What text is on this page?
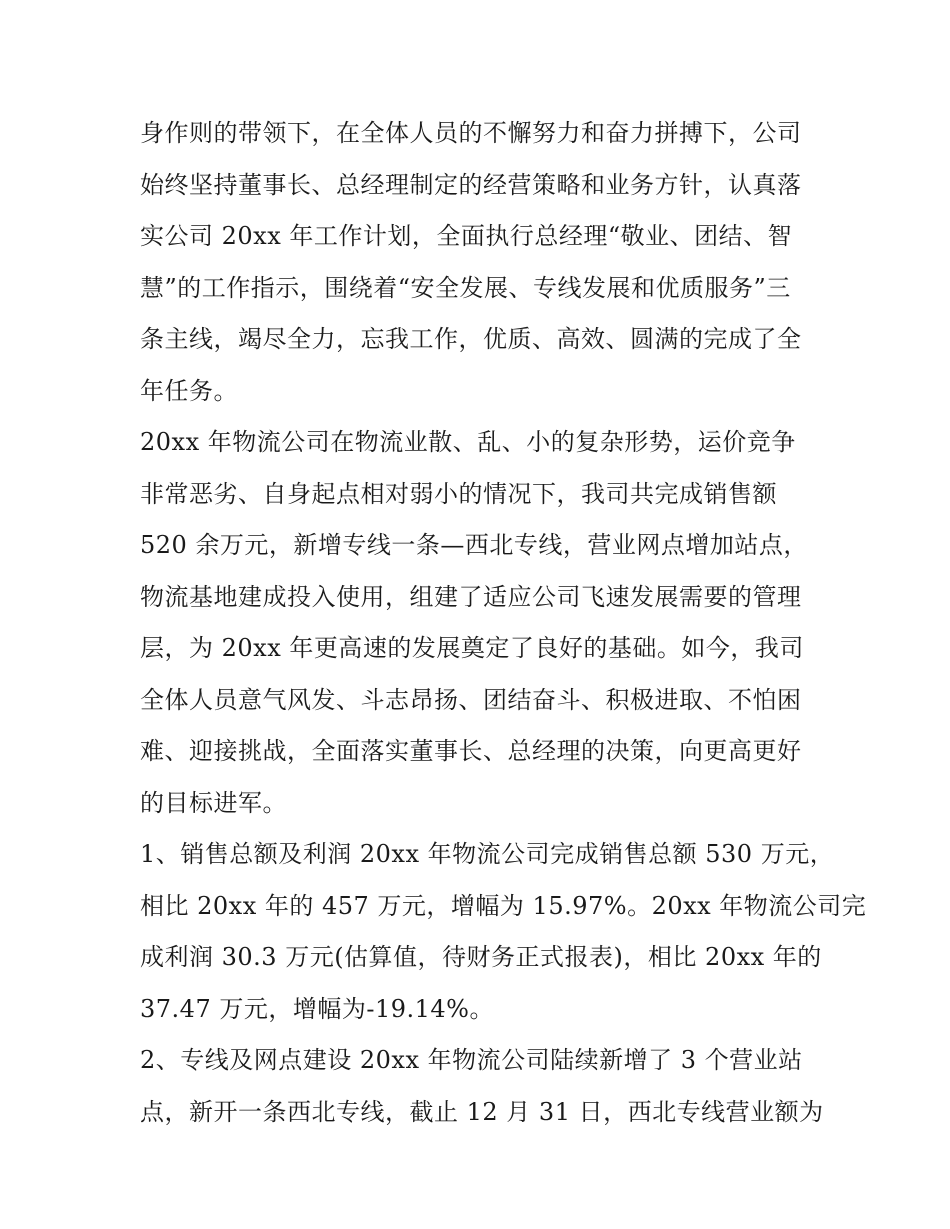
身作则的带领下，在全体人员的不懈努力和奋力拼搏下，公司
始终坚持董事长、总经理制定的经营策略和业务方针，认真落
实公司 20xx 年工作计划，全面执行总经理“敬业、团结、智
慧”的工作指示，围绕着“安全发展、专线发展和优质服务”三
条主线，竭尽全力，忘我工作，优质、高效、圆满的完成了全
年任务。
20xx 年物流公司在物流业散、乱、小的复杂形势，运价竞争
非常恶劣、自身起点相对弱小的情况下，我司共完成销售额
520 余万元，新增专线一条—西北专线，营业网点增加站点，
物流基地建成投入使用，组建了适应公司飞速发展需要的管理
层，为 20xx 年更高速的发展奠定了良好的基础。如今，我司
全体人员意气风发、斗志昂扬、团结奋斗、积极进取、不怕困
难、迎接挑战，全面落实董事长、总经理的决策，向更高更好
的目标进军。
1、销售总额及利润 20xx 年物流公司完成销售总额 530 万元，
相比 20xx 年的 457 万元，增幅为 15.97%。20xx 年物流公司完
成利润 30.3 万元(估算值，待财务正式报表)，相比 20xx 年的
37.47 万元，增幅为-19.14%。
2、专线及网点建设 20xx 年物流公司陆续新增了 3 个营业站
点，新开一条西北专线，截止 12 月 31 日，西北专线营业额为
